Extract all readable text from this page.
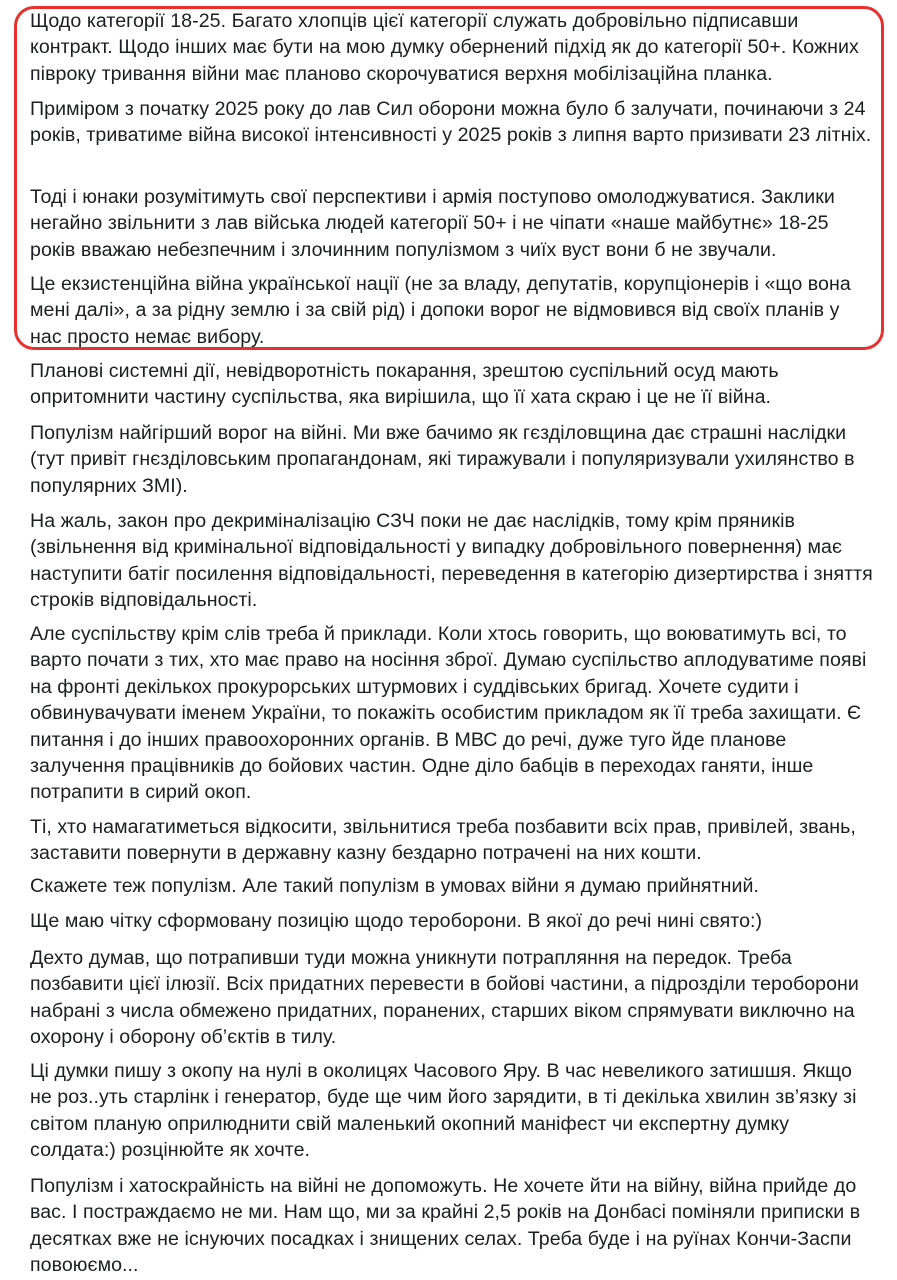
Щодо категорії 18-25. Багато хлопців цієї категорії служать добровільно підписавши контракт. Щодо інших має бути на мою думку обернений підхід як до категорії 50+. Кожних півроку тривання війни має планово скорочуватися верхня мобілізаційна планка.

Приміром з початку 2025 року до лав Сил оборони можна було б залучати, починаючи з 24 років, триватиме війна високої інтенсивності у 2025 років з липня варто призивати 23 літніх.

Тоді і юнаки розумітимуть свої перспективи і армія поступово омолоджуватися. Заклики негайно звільнити з лав війська людей категорії 50+ і не чіпати «наше майбутнє» 18-25 років вважаю небезпечним і злочинним популізмом з чиїх вуст вони б не звучали.

Це екзистенційна війна української нації (не за владу, депутатів, корупціонерів і «що вона мені далі», а за рідну землю і за свій рід) і допоки ворог не відмовився від своїх планів у нас просто немає вибору.

Планові системні дії, невідворотність покарання, зрештою суспільний осуд мають опритомнити частину суспільства, яка вирішила, що її хата скраю і це не її війна.

Популізм найгірший ворог на війні. Ми вже бачимо як гєзділовщина дає страшні наслідки (тут привіт гнєзділовським пропагандонам, які тиражували і популяризували ухилянство в популярних ЗМІ).

На жаль, закон про декриміналізацію СЗЧ поки не дає наслідків, тому крім пряників (звільнення від кримінальної відповідальності у випадку добровільного повернення) має наступити батіг посилення відповідальності, переведення в категорію дизертирства і зняття строків відповідальності.

Але суспільству крім слів треба й приклади. Коли хтось говорить, що воюватимуть всі, то варто почати з тих, хто має право на носіння зброї. Думаю суспільство аплодуватиме появі на фронті декількох прокурорських штурмових і суддівських бригад. Хочете судити і обвинувачувати іменем України, то покажіть особистим прикладом як її треба захищати. Є питання і до інших правоохоронних органів. В МВС до речі, дуже туго йде планове залучення працівників до бойових частин. Одне діло бабців в переходах ганяти, інше потрапити в сирий окоп.

Ті, хто намагатиметься відкосити, звільнитися треба позбавити всіх прав, привілей, звань, заставити повернути в державну казну бездарно потрачені на них кошти.

Скажете теж популізм. Але такий популізм в умовах війни я думаю прийнятний.

Ще маю чітку сформовану позицію щодо тероборони. В якої до речі нині свято:)

Дехто думав, що потрапивши туди можна уникнути потрапляння на передок. Треба позбавити цієї ілюзії. Всіх придатних перевести в бойові частини, а підрозділи тероборони набрані з числа обмежено придатних, поранених, старших віком спрямувати виключно на охорону і оборону об’єктів в тилу.

Ці думки пишу з окопу на нулі в околицях Часового Яру. В час невеликого затишшя. Якщо не роз..уть старлінк і генератор, буде ще чим його зарядити, в ті декілька хвилин зв’язку зі світом планую оприлюднити свій маленький окопний маніфест чи експертну думку солдата:) розцінюйте як хочте.

Популізм і хатоскрайність на війні не допоможуть. Не хочете йти на війну, війна прийде до вас. І постраждаємо не ми. Нам що, ми за крайні 2,5 років на Донбасі поміняли приписки в десятках вже не існуючих посадках і знищених селах. Треба буде і на руїнах Кончи-Заспи повоюємо...
